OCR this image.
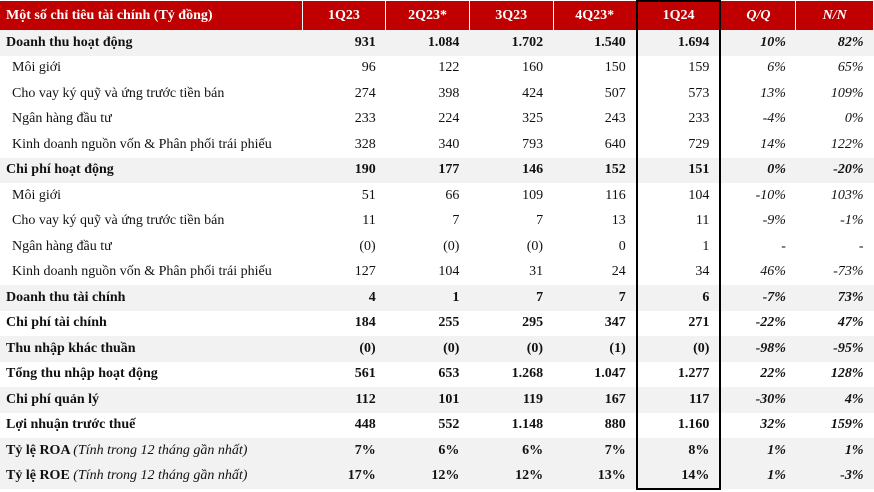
Một số chỉ tiêu tài chính (Tỷ đồng)	1Q23	2Q23*	3Q23	4Q23*	1Q24	Q/Q	N/N
Doanh thu hoạt động	931	1.084	1.702	1.540	1.694	10%	82%
Môi giới	96	122	160	150	159	6%	65%
Cho vay ký quỹ và ứng trước tiền bán	274	398	424	507	573	13%	109%
Ngân hàng đầu tư	233	224	325	243	233	-4%	0%
Kinh doanh nguồn vốn & Phân phối trái phiếu	328	340	793	640	729	14%	122%
Chi phí hoạt động	190	177	146	152	151	0%	-20%
Môi giới	51	66	109	116	104	-10%	103%
Cho vay ký quỹ và ứng trước tiền bán	11	7	7	13	11	-9%	-1%
Ngân hàng đầu tư	(0)	(0)	(0)	0	1	-	-
Kinh doanh nguồn vốn & Phân phối trái phiếu	127	104	31	24	34	46%	-73%
Doanh thu tài chính	4	1	7	7	6	-7%	73%
Chi phí tài chính	184	255	295	347	271	-22%	47%
Thu nhập khác thuần	(0)	(0)	(0)	(1)	(0)	-98%	-95%
Tổng thu nhập hoạt động	561	653	1.268	1.047	1.277	22%	128%
Chi phí quản lý	112	101	119	167	117	-30%	4%
Lợi nhuận trước thuế	448	552	1.148	880	1.160	32%	159%
Tỷ lệ ROA (Tính trong 12 tháng gần nhất)	7%	6%	6%	7%	8%	1%	1%
Tỷ lệ ROE (Tính trong 12 tháng gần nhất)	17%	12%	12%	13%	14%	1%	-3%
